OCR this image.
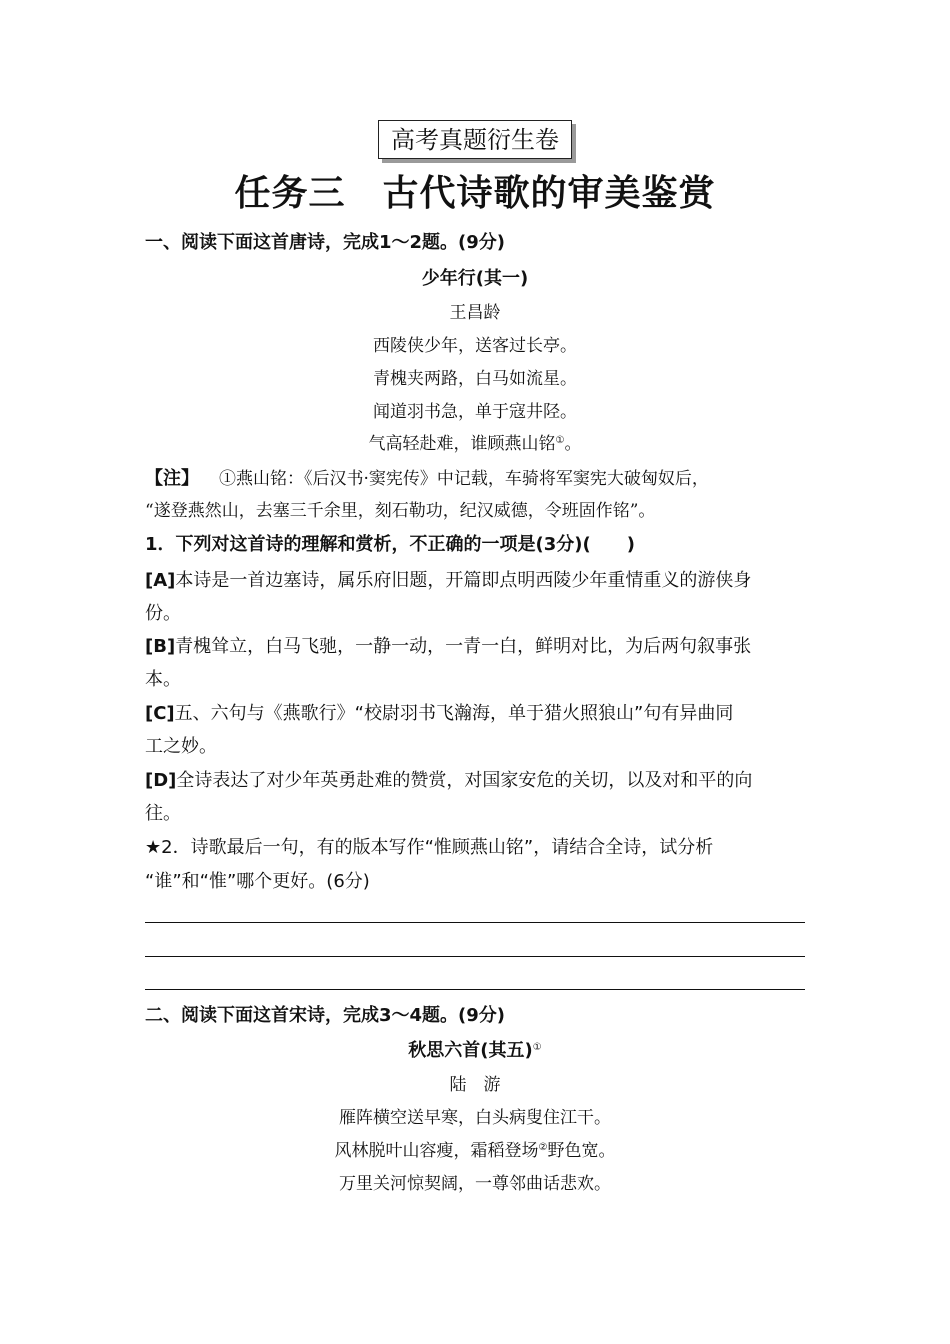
高考真题衍生卷
任务三　古代诗歌的审美鉴赏
一、阅读下面这首唐诗，完成1～2题。(9分)
少年行(其一)
王昌龄
西陵侠少年，送客过长亭。
青槐夹两路，白马如流星。
闻道羽书急，单于寇井陉。
气高轻赴难，谁顾燕山铭①。
【注】 ①燕山铭：《后汉书·窦宪传》中记载，车骑将军窦宪大破匈奴后，
“遂登燕然山，去塞三千余里，刻石勒功，纪汉威德，令班固作铭”。
1．下列对这首诗的理解和赏析，不正确的一项是(3分)(　　)
[A]本诗是一首边塞诗，属乐府旧题，开篇即点明西陵少年重情重义的游侠身
份。
[B]青槐耸立，白马飞驰，一静一动，一青一白，鲜明对比，为后两句叙事张
本。
[C]五、六句与《燕歌行》“校尉羽书飞瀚海，单于猎火照狼山”句有异曲同
工之妙。
[D]全诗表达了对少年英勇赴难的赞赏，对国家安危的关切，以及对和平的向
往。
★2．诗歌最后一句，有的版本写作“惟顾燕山铭”，请结合全诗，试分析
“谁”和“惟”哪个更好。(6分)
二、阅读下面这首宋诗，完成3～4题。(9分)
秋思六首(其五)①
陆　游
雁阵横空送早寒，白头病叟住江干。
风林脱叶山容瘦，霜稻登场②野色宽。
万里关河惊契阔，一尊邻曲话悲欢。
